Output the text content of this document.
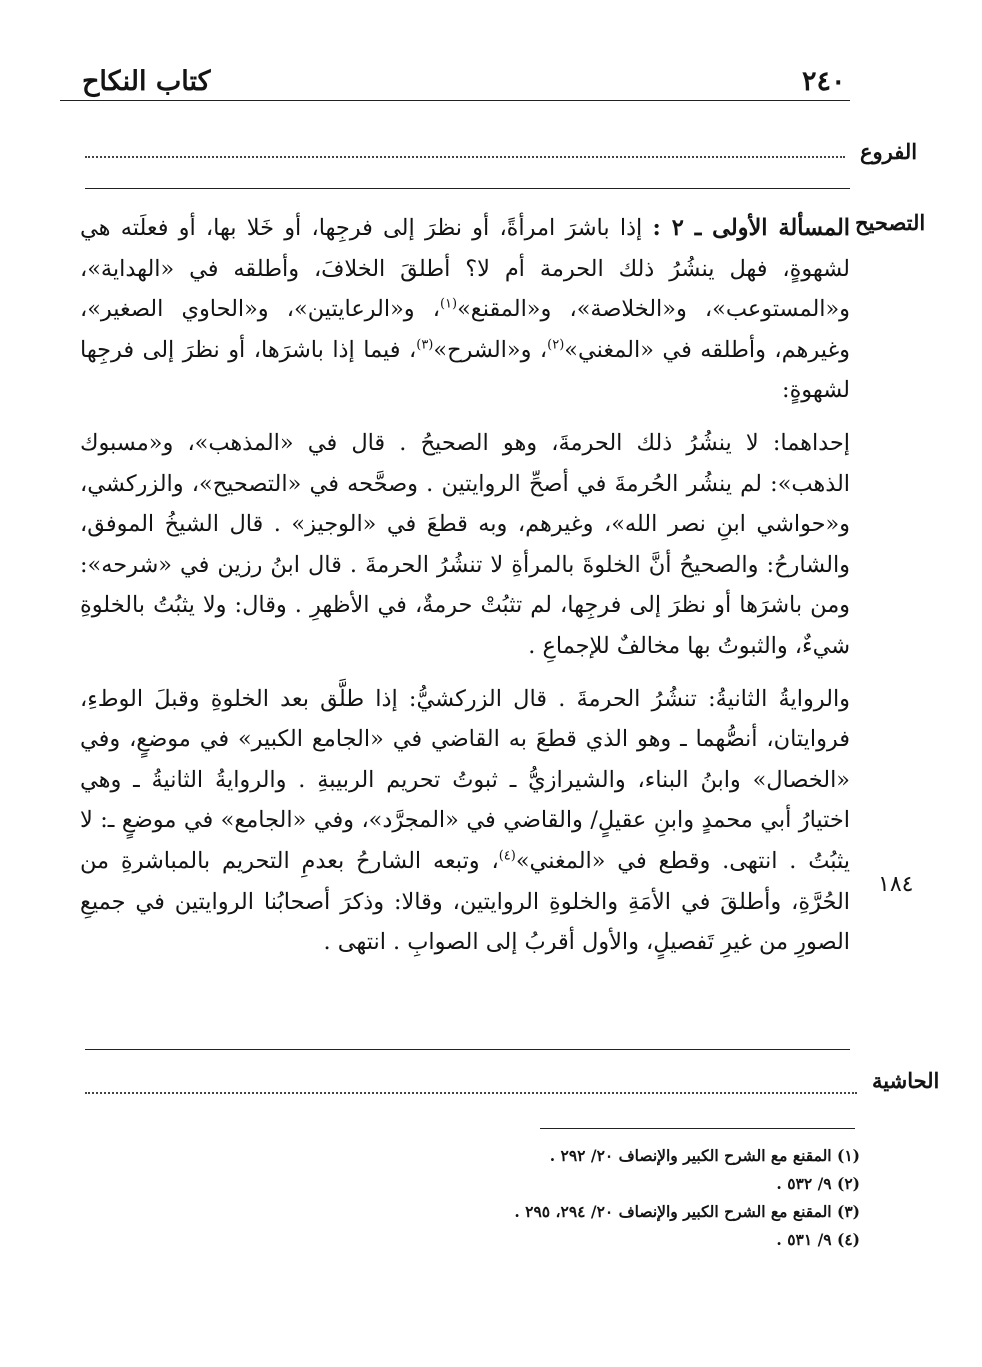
٢٤٠
كتاب النكاح
الفروع
التصحيح

المسألة الأولى ـ ٢ : إذا باشرَ امرأةً، أو نظرَ إلى فرجِها، أو خَلا بها، أو فعلَته هي لشهوةٍ، فهل ينشُرُ ذلك الحرمة أم لا؟ أطلقَ الخلافَ، وأطلقه في «الهداية»، و«المستوعب»، و«الخلاصة»، و«المقنع»$^{(١)}$، و«الرعايتين»، و«الحاوي الصغير»، وغيرهم، وأطلقه في «المغني»$^{(٢)}$، و«الشرح»$^{(٣)}$، فيما إذا باشرَها، أو نظرَ إلى فرجِها لشهوةٍ:

إحداهما: لا ينشُرُ ذلك الحرمةَ، وهو الصحيحُ . قال في «المذهب»، و«مسبوك الذهب»: لم ينشُر الحُرمةَ في أصحِّ الروايتين . وصحَّحه في «التصحيح»، والزركشي، و«حواشي ابنِ نصر الله»، وغيرهم، وبه قطعَ في «الوجيز» . قال الشيخُ الموفق، والشارحُ: والصحيحُ أنَّ الخلوةَ بالمرأةِ لا تنشُرُ الحرمةَ . قال ابنُ رزين في «شرحه»: ومن باشرَها أو نظرَ إلى فرجِها، لم تثبُتْ حرمةٌ، في الأظهرِ . وقال: ولا يثبُتُ بالخلوةِ شيءٌ، والثبوتُ بها مخالفٌ للإجماعِ .

والروايةُ الثانيةُ: تنشُرُ الحرمةَ . قال الزركشيُّ: إذا طلَّق بعد الخلوةِ وقبلَ الوطءِ، فروايتان، أنصُّهما ـ وهو الذي قطعَ به القاضي في «الجامع الكبير» في موضعٍ، وفي «الخصال» وابنُ البناء، والشيرازيُّ ـ ثبوتُ تحريم الربيبةِ . والروايةُ الثانيةُ ـ وهي اختيارُ أبي محمدٍ وابنِ عقيلٍ/ والقاضي في «المجرَّد»، وفي «الجامع» في موضعٍ ـ: لا يثبُتُ . انتهى. وقطع في «المغني»$^{(٤)}$، وتبعه الشارحُ بعدمِ التحريم بالمباشرةِ من الحُرَّةِ، وأطلقَ في الأمَةِ والخلوةِ الروايتين، وقالا: وذكرَ أصحابُنا الروايتين في جميعِ الصورِ من غيرِ تَفصيلٍ، والأول أقربُ إلى الصوابِ . انتهى .

١٨٤
الحاشية
(١) المقنع مع الشرح الكبير والإنصاف ٢٠/ ٢٩٢ .
(٢) ٩/ ٥٣٢ .
(٣) المقنع مع الشرح الكبير والإنصاف ٢٠/ ٢٩٤، ٢٩٥ .
(٤) ٩/ ٥٣١ .
